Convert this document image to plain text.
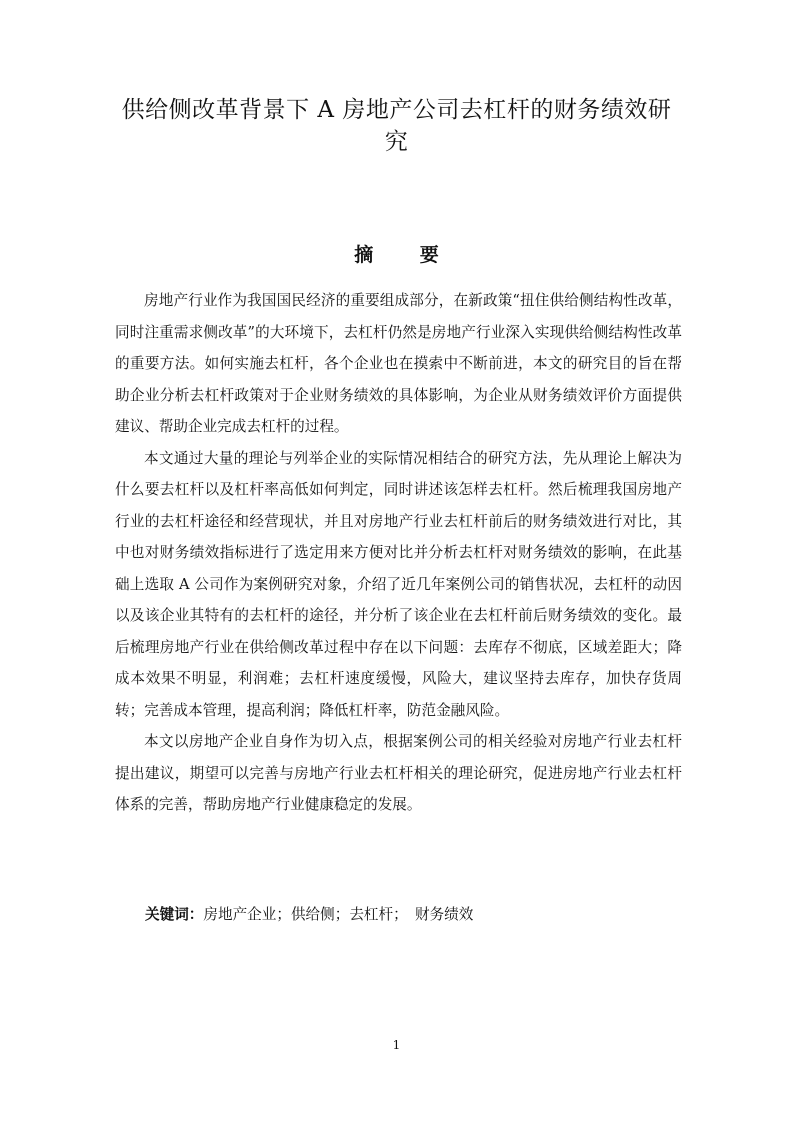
供给侧改革背景下 A 房地产公司去杠杆的财务绩效研究
摘 要

房地产行业作为我国国民经济的重要组成部分，在新政策“扭住供给侧结构性改革，同时注重需求侧改革”的大环境下，去杠杆仍然是房地产行业深入实现供给侧结构性改革的重要方法。如何实施去杠杆，各个企业也在摸索中不断前进，本文的研究目的旨在帮助企业分析去杠杆政策对于企业财务绩效的具体影响，为企业从财务绩效评价方面提供建议、帮助企业完成去杠杆的过程。

本文通过大量的理论与列举企业的实际情况相结合的研究方法，先从理论上解决为什么要去杠杆以及杠杆率高低如何判定，同时讲述该怎样去杠杆。然后梳理我国房地产行业的去杠杆途径和经营现状，并且对房地产行业去杠杆前后的财务绩效进行对比，其中也对财务绩效指标进行了选定用来方便对比并分析去杠杆对财务绩效的影响，在此基础上选取 A 公司作为案例研究对象，介绍了近几年案例公司的销售状况，去杠杆的动因以及该企业其特有的去杠杆的途径，并分析了该企业在去杠杆前后财务绩效的变化。最后梳理房地产行业在供给侧改革过程中存在以下问题：去库存不彻底，区域差距大；降成本效果不明显，利润难；去杠杆速度缓慢，风险大，建议坚持去库存，加快存货周转；完善成本管理，提高利润；降低杠杆率，防范金融风险。

本文以房地产企业自身作为切入点，根据案例公司的相关经验对房地产行业去杠杆提出建议，期望可以完善与房地产行业去杠杆相关的理论研究，促进房地产行业去杠杆体系的完善，帮助房地产行业健康稳定的发展。

关键词：房地产企业；供给侧；去杠杆；　财务绩效
1
